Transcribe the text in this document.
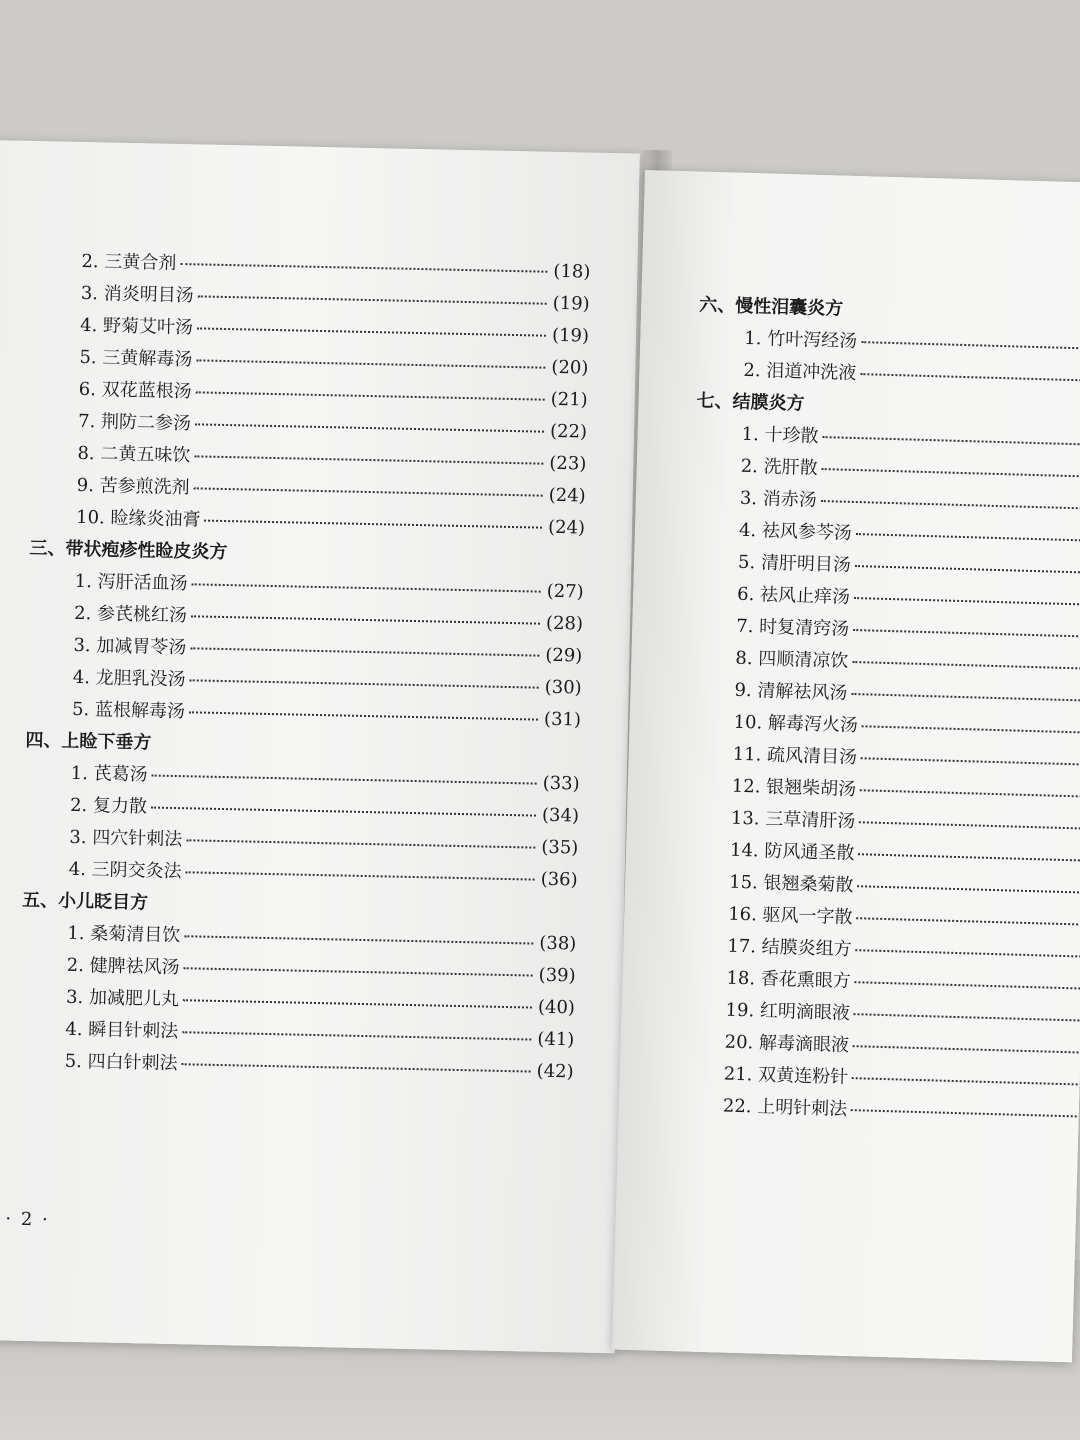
2. 三黄合剂	(18)
3. 消炎明目汤	(19)
4. 野菊艾叶汤	(19)
5. 三黄解毒汤	(20)
6. 双花蓝根汤	(21)
7. 荆防二参汤	(22)
8. 二黄五味饮	(23)
9. 苦参煎洗剂	(24)
10. 睑缘炎油膏	(24)
三、带状疱疹性睑皮炎方
1. 泻肝活血汤	(27)
2. 参芪桃红汤	(28)
3. 加减胃苓汤	(29)
4. 龙胆乳没汤	(30)
5. 蓝根解毒汤	(31)
四、上睑下垂方
1. 芪葛汤	(33)
2. 复力散	(34)
3. 四穴针刺法	(35)
4. 三阴交灸法	(36)
五、小儿眨目方
1. 桑菊清目饮	(38)
2. 健脾祛风汤	(39)
3. 加减肥儿丸	(40)
4. 瞬目针刺法	(41)
5. 四白针刺法	(42)
· 2 ·
六、慢性泪囊炎方
1. 竹叶泻经汤
2. 泪道冲洗液
七、结膜炎方
1. 十珍散
2. 洗肝散
3. 消赤汤
4. 祛风参芩汤
5. 清肝明目汤
6. 祛风止痒汤
7. 时复清窍汤
8. 四顺清凉饮
9. 清解祛风汤
10. 解毒泻火汤
11. 疏风清目汤
12. 银翘柴胡汤
13. 三草清肝汤
14. 防风通圣散
15. 银翘桑菊散
16. 驱风一字散
17. 结膜炎组方
18. 香花熏眼方
19. 红明滴眼液
20. 解毒滴眼液
21. 双黄连粉针
22. 上明针刺法
